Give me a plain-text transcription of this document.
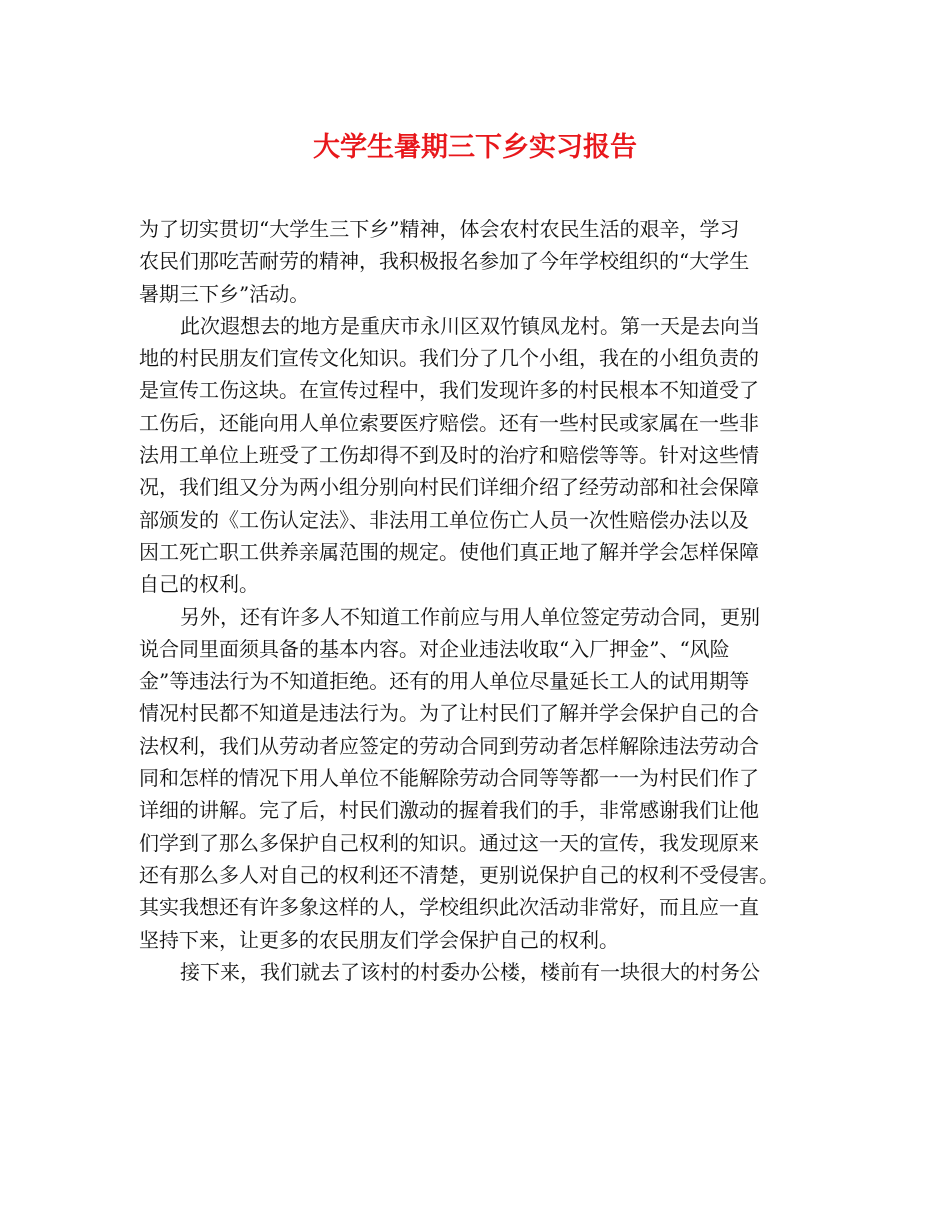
大学生暑期三下乡实习报告

为了切实贯切“大学生三下乡”精神，体会农村农民生活的艰辛，学习

农民们那吃苦耐劳的精神，我积极报名参加了今年学校组织的“大学生

暑期三下乡”活动。

此次遐想去的地方是重庆市永川区双竹镇凤龙村。第一天是去向当

地的村民朋友们宣传文化知识。我们分了几个小组，我在的小组负责的

是宣传工伤这块。在宣传过程中，我们发现许多的村民根本不知道受了

工伤后，还能向用人单位索要医疗赔偿。还有一些村民或家属在一些非

法用工单位上班受了工伤却得不到及时的治疗和赔偿等等。针对这些情

况，我们组又分为两小组分别向村民们详细介绍了经劳动部和社会保障

部颁发的《工伤认定法》、非法用工单位伤亡人员一次性赔偿办法以及

因工死亡职工供养亲属范围的规定。使他们真正地了解并学会怎样保障

自己的权利。

另外，还有许多人不知道工作前应与用人单位签定劳动合同，更别

说合同里面须具备的基本内容。对企业违法收取“入厂押金”、“风险

金”等违法行为不知道拒绝。还有的用人单位尽量延长工人的试用期等

情况村民都不知道是违法行为。为了让村民们了解并学会保护自己的合

法权利，我们从劳动者应签定的劳动合同到劳动者怎样解除违法劳动合

同和怎样的情况下用人单位不能解除劳动合同等等都一一为村民们作了

详细的讲解。完了后，村民们激动的握着我们的手，非常感谢我们让他

们学到了那么多保护自己权利的知识。通过这一天的宣传，我发现原来

还有那么多人对自己的权利还不清楚，更别说保护自己的权利不受侵害。

其实我想还有许多象这样的人，学校组织此次活动非常好，而且应一直

坚持下来，让更多的农民朋友们学会保护自己的权利。

接下来，我们就去了该村的村委办公楼，楼前有一块很大的村务公
